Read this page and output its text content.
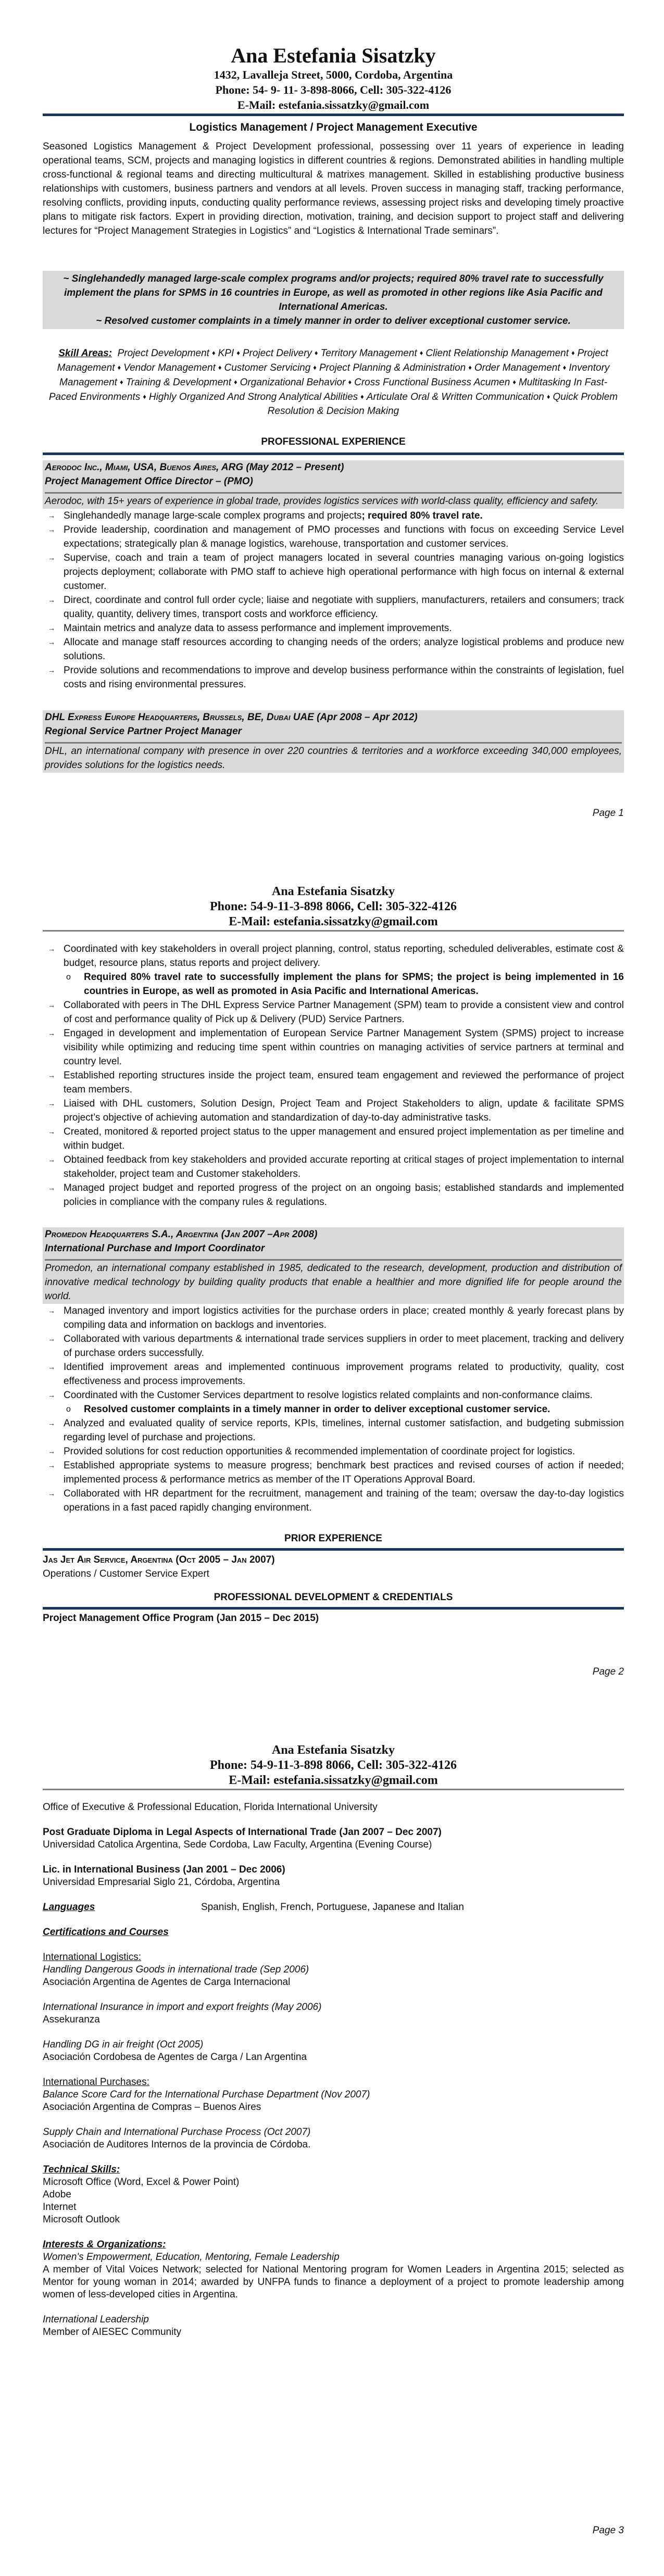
Ana Estefania Sisatzky
1432, Lavalleja Street, 5000, Cordoba, Argentina
Phone: 54- 9- 11- 3-898-8066, Cell: 305-322-4126
E-Mail: estefania.sissatzky@gmail.com
Logistics Management / Project Management Executive
Seasoned Logistics Management & Project Development professional, possessing over 11 years of experience in leading operational teams, SCM, projects and managing logistics in different countries & regions. Demonstrated abilities in handling multiple cross-functional & regional teams and directing multicultural & matrixes management. Skilled in establishing productive business relationships with customers, business partners and vendors at all levels. Proven success in managing staff, tracking performance, resolving conflicts, providing inputs, conducting quality performance reviews, assessing project risks and developing timely proactive plans to mitigate risk factors. Expert in providing direction, motivation, training, and decision support to project staff and delivering lectures for “Project Management Strategies in Logistics” and “Logistics & International Trade seminars”.
~ Singlehandedly managed large-scale complex programs and/or projects; required 80% travel rate to successfully implement the plans for SPMS in 16 countries in Europe, as well as promoted in other regions like Asia Pacific and International Americas.
~ Resolved customer complaints in a timely manner in order to deliver exceptional customer service.
Skill Areas: Project Development ♦ KPI ♦ Project Delivery ♦ Territory Management ♦ Client Relationship Management ♦ Project Management ♦ Vendor Management ♦ Customer Servicing ♦ Project Planning & Administration ♦ Order Management ♦ Inventory Management ♦ Training & Development ♦ Organizational Behavior ♦ Cross Functional Business Acumen ♦ Multitasking In Fast-Paced Environments ♦ Highly Organized And Strong Analytical Abilities ♦ Articulate Oral & Written Communication ♦ Quick Problem Resolution & Decision Making
PROFESSIONAL EXPERIENCE
Aerodoc Inc., Miami, USA, Buenos Aires, ARG (May 2012 – Present)
Project Management Office Director – (PMO)
Aerodoc, with 15+ years of experience in global trade, provides logistics services with world-class quality, efficiency and safety.
→ Singlehandedly manage large-scale complex programs and projects; required 80% travel rate.
→ Provide leadership, coordination and management of PMO processes and functions with focus on exceeding Service Level expectations; strategically plan & manage logistics, warehouse, transportation and customer services.
→ Supervise, coach and train a team of project managers located in several countries managing various on-going logistics projects deployment; collaborate with PMO staff to achieve high operational performance with high focus on internal & external customer.
→ Direct, coordinate and control full order cycle; liaise and negotiate with suppliers, manufacturers, retailers and consumers; track quality, quantity, delivery times, transport costs and workforce efficiency.
→ Maintain metrics and analyze data to assess performance and implement improvements.
→ Allocate and manage staff resources according to changing needs of the orders; analyze logistical problems and produce new solutions.
→ Provide solutions and recommendations to improve and develop business performance within the constraints of legislation, fuel costs and rising environmental pressures.
DHL Express Europe Headquarters, Brussels, BE, Dubai UAE (Apr 2008 – Apr 2012)
Regional Service Partner Project Manager
DHL, an international company with presence in over 220 countries & territories and a workforce exceeding 340,000 employees, provides solutions for the logistics needs.
Page 1
Ana Estefania Sisatzky
Phone: 54-9-11-3-898 8066, Cell: 305-322-4126
E-Mail: estefania.sissatzky@gmail.com
→ Coordinated with key stakeholders in overall project planning, control, status reporting, scheduled deliverables, estimate cost & budget, resource plans, status reports and project delivery.
o Required 80% travel rate to successfully implement the plans for SPMS; the project is being implemented in 16 countries in Europe, as well as promoted in Asia Pacific and International Americas.
→ Collaborated with peers in The DHL Express Service Partner Management (SPM) team to provide a consistent view and control of cost and performance quality of Pick up & Delivery (PUD) Service Partners.
→ Engaged in development and implementation of European Service Partner Management System (SPMS) project to increase visibility while optimizing and reducing time spent within countries on managing activities of service partners at terminal and country level.
→ Established reporting structures inside the project team, ensured team engagement and reviewed the performance of project team members.
→ Liaised with DHL customers, Solution Design, Project Team and Project Stakeholders to align, update & facilitate SPMS project’s objective of achieving automation and standardization of day-to-day administrative tasks.
→ Created, monitored & reported project status to the upper management and ensured project implementation as per timeline and within budget.
→ Obtained feedback from key stakeholders and provided accurate reporting at critical stages of project implementation to internal stakeholder, project team and Customer stakeholders.
→ Managed project budget and reported progress of the project on an ongoing basis; established standards and implemented policies in compliance with the company rules & regulations.
Promedon Headquarters S.A., Argentina (Jan 2007 –Apr 2008)
International Purchase and Import Coordinator
Promedon, an international company established in 1985, dedicated to the research, development, production and distribution of innovative medical technology by building quality products that enable a healthier and more dignified life for people around the world.
→ Managed inventory and import logistics activities for the purchase orders in place; created monthly & yearly forecast plans by compiling data and information on backlogs and inventories.
→ Collaborated with various departments & international trade services suppliers in order to meet placement, tracking and delivery of purchase orders successfully.
→ Identified improvement areas and implemented continuous improvement programs related to productivity, quality, cost effectiveness and process improvements.
→ Coordinated with the Customer Services department to resolve logistics related complaints and non-conformance claims.
o Resolved customer complaints in a timely manner in order to deliver exceptional customer service.
→ Analyzed and evaluated quality of service reports, KPIs, timelines, internal customer satisfaction, and budgeting submission regarding level of purchase and projections.
→ Provided solutions for cost reduction opportunities & recommended implementation of coordinate project for logistics.
→ Established appropriate systems to measure progress; benchmark best practices and revised courses of action if needed; implemented process & performance metrics as member of the IT Operations Approval Board.
→ Collaborated with HR department for the recruitment, management and training of the team; oversaw the day-to-day logistics operations in a fast paced rapidly changing environment.
PRIOR EXPERIENCE
Jas Jet Air Service, Argentina (Oct 2005 – Jan 2007)
Operations / Customer Service Expert
PROFESSIONAL DEVELOPMENT & CREDENTIALS
Project Management Office Program (Jan 2015 – Dec 2015)
Page 2
Ana Estefania Sisatzky
Phone: 54-9-11-3-898 8066, Cell: 305-322-4126
E-Mail: estefania.sissatzky@gmail.com
Office of Executive & Professional Education, Florida International University
Post Graduate Diploma in Legal Aspects of International Trade (Jan 2007 – Dec 2007)
Universidad Catolica Argentina, Sede Cordoba, Law Faculty, Argentina (Evening Course)
Lic. in International Business (Jan 2001 – Dec 2006)
Universidad Empresarial Siglo 21, Córdoba, Argentina
Languages	Spanish, English, French, Portuguese, Japanese and Italian
Certifications and Courses
International Logistics:
Handling Dangerous Goods in international trade (Sep 2006)
Asociación Argentina de Agentes de Carga Internacional
International Insurance in import and export freights (May 2006)
Assekuranza
Handling DG in air freight (Oct 2005)
Asociación Cordobesa de Agentes de Carga / Lan Argentina
International Purchases:
Balance Score Card for the International Purchase Department (Nov 2007)
Asociación Argentina de Compras – Buenos Aires
Supply Chain and International Purchase Process (Oct 2007)
Asociación de Auditores Internos de la provincia de Córdoba.
Technical Skills:
Microsoft Office (Word, Excel & Power Point)
Adobe
Internet
Microsoft Outlook
Interests & Organizations:
Women's Empowerment, Education, Mentoring, Female Leadership
A member of Vital Voices Network; selected for National Mentoring program for Women Leaders in Argentina 2015; selected as Mentor for young woman in 2014; awarded by UNFPA funds to finance a deployment of a project to promote leadership among women of less-developed cities in Argentina.
International Leadership
Member of AIESEC Community
Page 3
